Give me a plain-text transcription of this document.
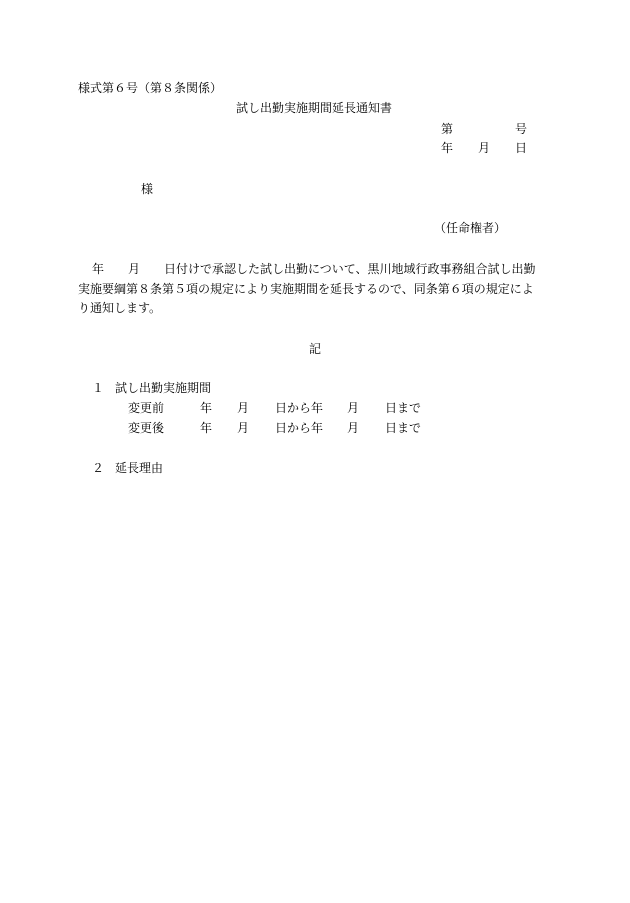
様式第６号（第８条関係）
試し出勤実施期間延長通知書
第	号
年 月 日
様
（任命権者）
年　　月　　日付けで承認した試し出勤について、黒川地域行政事務組合試し出勤
実施要綱第８条第５項の規定により実施期間を延長するので、同条第６項の規定によ
り通知します。
記
１ 試し出勤実施期間
変更前	年 月 日から年 月 日まで
変更後	年 月 日から年 月 日まで
２ 延長理由
